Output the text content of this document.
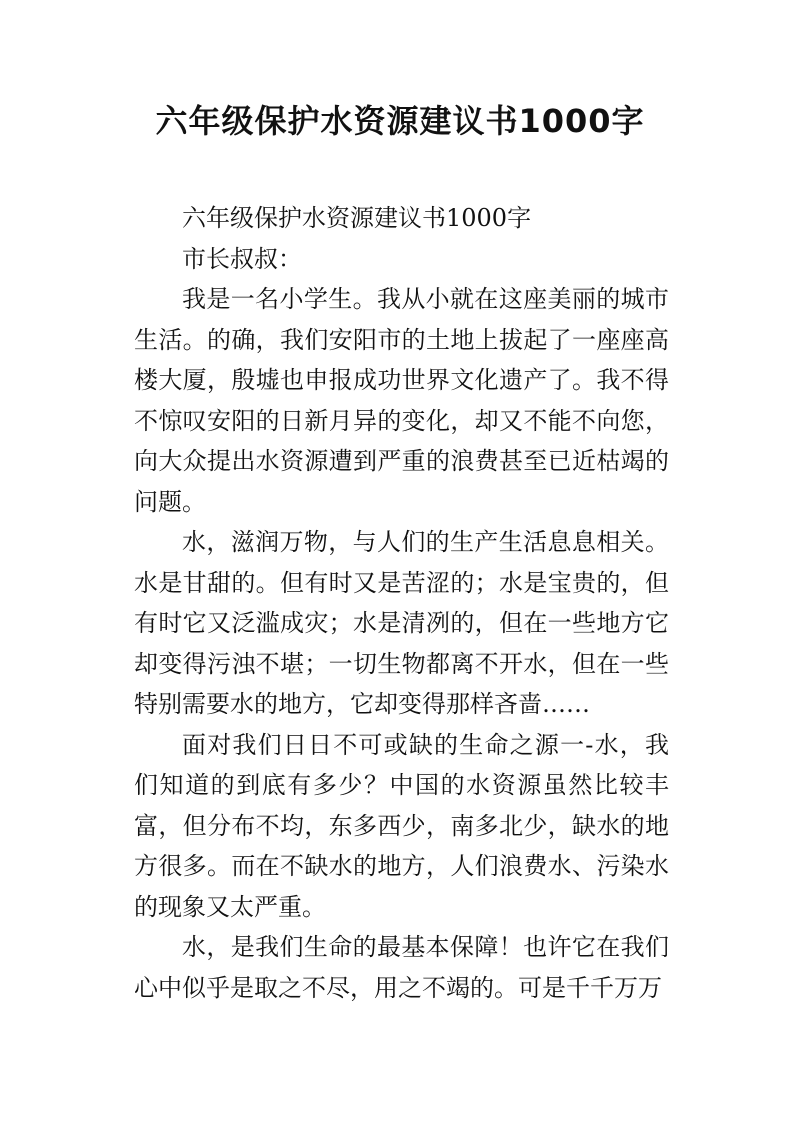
六年级保护水资源建议书1000字

六年级保护水资源建议书1000字

市长叔叔：

我是一名小学生。我从小就在这座美丽的城市生活。的确，我们安阳市的土地上拔起了一座座高楼大厦，殷墟也申报成功世界文化遗产了。我不得不惊叹安阳的日新月异的变化，却又不能不向您，向大众提出水资源遭到严重的浪费甚至已近枯竭的问题。

水，滋润万物，与人们的生产生活息息相关。水是甘甜的。但有时又是苦涩的；水是宝贵的，但有时它又泛滥成灾；水是清冽的，但在一些地方它却变得污浊不堪；一切生物都离不开水，但在一些特别需要水的地方，它却变得那样吝啬……

面对我们日日不可或缺的生命之源一-水，我们知道的到底有多少？中国的水资源虽然比较丰富，但分布不均，东多西少，南多北少，缺水的地方很多。而在不缺水的地方，人们浪费水、污染水的现象又太严重。

水，是我们生命的最基本保障！也许它在我们心中似乎是取之不尽，用之不竭的。可是千千万万
